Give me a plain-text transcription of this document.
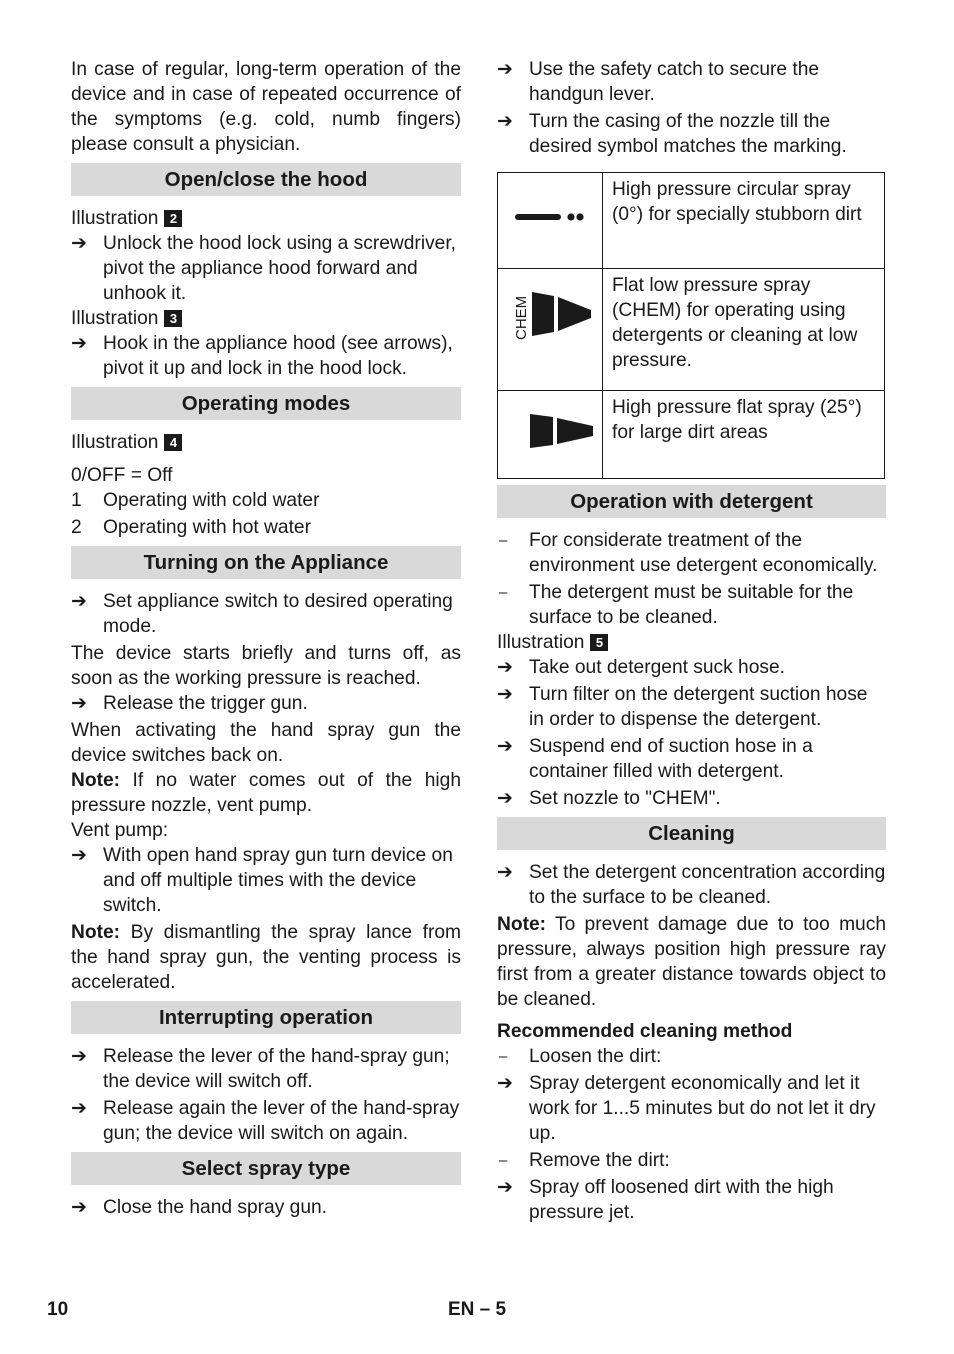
In case of regular, long-term operation of the device and in case of repeated occurrence of the symptoms (e.g. cold, numb fingers) please consult a physician.

Open/close the hood

Illustration 2

➔ Unlock the hood lock using a screwdriver, pivot the appliance hood forward and unhook it.

Illustration 3

➔ Hook in the appliance hood (see arrows), pivot it up and lock in the hood lock.
Operating modes

Illustration 4

0/OFF = Off

1 Operating with cold water
2 Operating with hot water
Turning on the Appliance
➔ Set appliance switch to desired operating mode.

The device starts briefly and turns off, as soon as the working pressure is reached.

➔ Release the trigger gun.

When activating the hand spray gun the device switches back on.

Note: If no water comes out of the high pressure nozzle, vent pump.

Vent pump:

➔ With open hand spray gun turn device on and off multiple times with the device switch.

Note: By dismantling the spray lance from the hand spray gun, the venting process is accelerated.

Interrupting operation
➔ Release the lever of the hand-spray gun; the device will switch off.
➔ Release again the lever of the hand-spray gun; the device will switch on again.
Select spray type
➔ Close the hand spray gun.
➔ Use the safety catch to secure the handgun lever.
➔ Turn the casing of the nozzle till the desired symbol matches the marking.
	High pressure circular spray (0°) for specially stubborn dirt

CHEM	Flat low pressure spray (CHEM) for operating using detergents or cleaning at low pressure.
	High pressure flat spray (25°) for large dirt areas
Operation with detergent
–	For considerate treatment of the environment use detergent economically.
–	The detergent must be suitable for the surface to be cleaned.

Illustration 5

➔ Take out detergent suck hose.
➔ Turn filter on the detergent suction hose in order to dispense the detergent.
➔ Suspend end of suction hose in a container filled with detergent.
➔ Set nozzle to "CHEM".
Cleaning
➔ Set the detergent concentration according to the surface to be cleaned.

Note: To prevent damage due to too much pressure, always position high pressure ray first from a greater distance towards object to be cleaned.

Recommended cleaning method

–	Loosen the dirt:
➔ Spray detergent economically and let it work for 1...5 minutes but do not let it dry up.
–	Remove the dirt:
➔ Spray off loosened dirt with the high pressure jet.
10	EN – 5
